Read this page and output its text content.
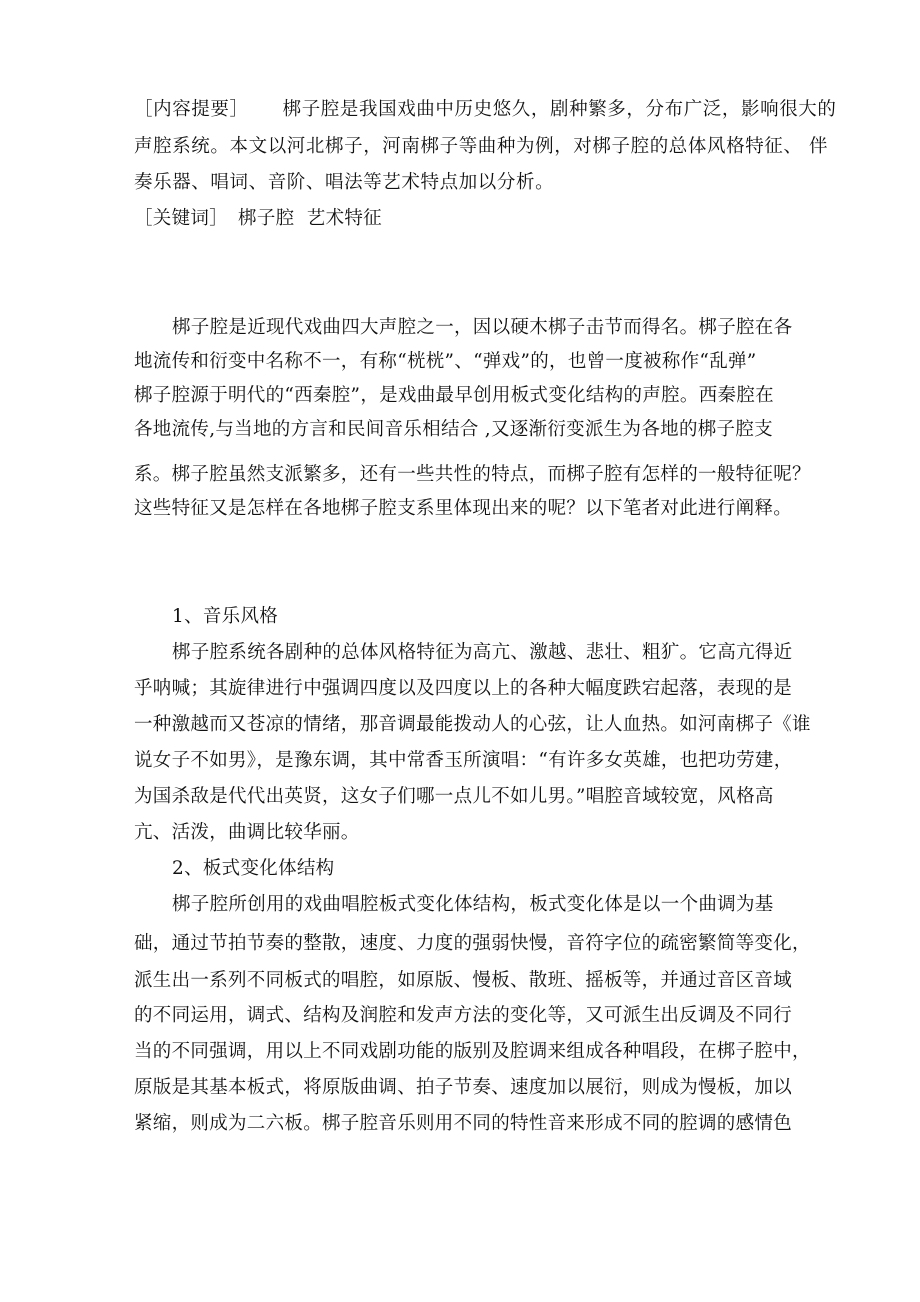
［内容提要］ 梆子腔是我国戏曲中历史悠久，剧种繁多，分布广泛，影响很大的
声腔系统。本文以河北梆子，河南梆子等曲种为例，对梆子腔的总体风格特征、 伴
奏乐器、唱词、音阶、唱法等艺术特点加以分析。
［关键词］ 梆子腔  艺术特征
梆子腔是近现代戏曲四大声腔之一，因以硬木梆子击节而得名。梆子腔在各
地流传和衍变中名称不一，有称“桄桄”、“弹戏”的，也曾一度被称作“乱弹”
梆子腔源于明代的“西秦腔”，是戏曲最早创用板式变化结构的声腔。西秦腔在
各地流传,与当地的方言和民间音乐相结合 ,又逐渐衍变派生为各地的梆子腔支
系。梆子腔虽然支派繁多，还有一些共性的特点，而梆子腔有怎样的一般特征呢？
这些特征又是怎样在各地梆子腔支系里体现出来的呢？以下笔者对此进行阐释。
1、音乐风格
梆子腔系统各剧种的总体风格特征为高亢、激越、悲壮、粗犷。它高亢得近
乎呐喊；其旋律进行中强调四度以及四度以上的各种大幅度跌宕起落，表现的是
一种激越而又苍凉的情绪，那音调最能拨动人的心弦，让人血热。如河南梆子《谁
说女子不如男》，是豫东调，其中常香玉所演唱：“有许多女英雄，也把功劳建，
为国杀敌是代代出英贤，这女子们哪一点儿不如儿男。”唱腔音域较宽，风格高
亢、活泼，曲调比较华丽。
2、板式变化体结构
梆子腔所创用的戏曲唱腔板式变化体结构，板式变化体是以一个曲调为基
础，通过节拍节奏的整散，速度、力度的强弱快慢，音符字位的疏密繁简等变化，
派生出一系列不同板式的唱腔，如原版、慢板、散班、摇板等，并通过音区音域
的不同运用，调式、结构及润腔和发声方法的变化等，又可派生出反调及不同行
当的不同强调，用以上不同戏剧功能的版别及腔调来组成各种唱段，在梆子腔中，
原版是其基本板式，将原版曲调、拍子节奏、速度加以展衍，则成为慢板，加以
紧缩，则成为二六板。梆子腔音乐则用不同的特性音来形成不同的腔调的感情色
